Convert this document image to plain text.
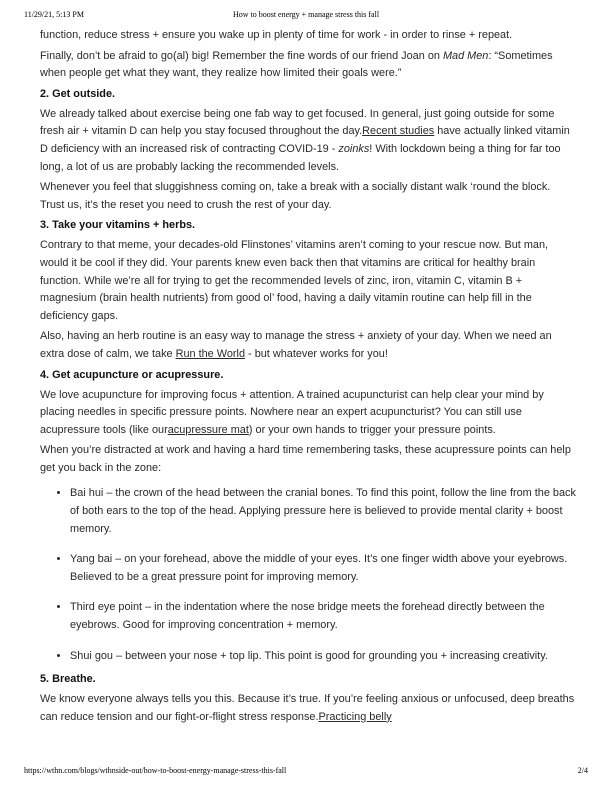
11/29/21, 5:13 PM	How to boost energy + manage stress this fall

function, reduce stress + ensure you wake up in plenty of time for work - in order to rinse + repeat.

Finally, don’t be afraid to go(al) big! Remember the fine words of our friend Joan on Mad Men: “Sometimes when people get what they want, they realize how limited their goals were.”

2. Get outside.

We already talked about exercise being one fab way to get focused. In general, just going outside for some fresh air + vitamin D can help you stay focused throughout the day.Recent studies have actually linked vitamin D deficiency with an increased risk of contracting COVID-19 - zoinks! With lockdown being a thing for far too long, a lot of us are probably lacking the recommended levels.

Whenever you feel that sluggishness coming on, take a break with a socially distant walk ‘round the block. Trust us, it’s the reset you need to crush the rest of your day.

3. Take your vitamins + herbs.

Contrary to that meme, your decades-old Flinstones’ vitamins aren’t coming to your rescue now. But man, would it be cool if they did. Your parents knew even back then that vitamins are critical for healthy brain function. While we’re all for trying to get the recommended levels of zinc, iron, vitamin C, vitamin B + magnesium (brain health nutrients) from good ol’ food, having a daily vitamin routine can help fill in the deficiency gaps.

Also, having an herb routine is an easy way to manage the stress + anxiety of your day. When we need an extra dose of calm, we take Run the World - but whatever works for you!

4. Get acupuncture or acupressure.

We love acupuncture for improving focus + attention. A trained acupuncturist can help clear your mind by placing needles in specific pressure points. Nowhere near an expert acupuncturist? You can still use acupressure tools (like ouracupressure mat) or your own hands to trigger your pressure points.

When you’re distracted at work and having a hard time remembering tasks, these acupressure points can help get you back in the zone:

• Bai hui – the crown of the head between the cranial bones. To find this point, follow the line from the back of both ears to the top of the head. Applying pressure here is believed to provide mental clarity + boost memory.
• Yang bai – on your forehead, above the middle of your eyes. It’s one finger width above your eyebrows. Believed to be a great pressure point for improving memory.
• Third eye point – in the indentation where the nose bridge meets the forehead directly between the eyebrows. Good for improving concentration + memory.
• Shui gou – between your nose + top lip. This point is good for grounding you + increasing creativity.
5. Breathe.

We know everyone always tells you this. Because it’s true. If you’re feeling anxious or unfocused, deep breaths can reduce tension and our fight-or-flight stress response.Practicing belly

https://wthn.com/blogs/wthnside-out/how-to-boost-energy-manage-stress-this-fall	2/4
